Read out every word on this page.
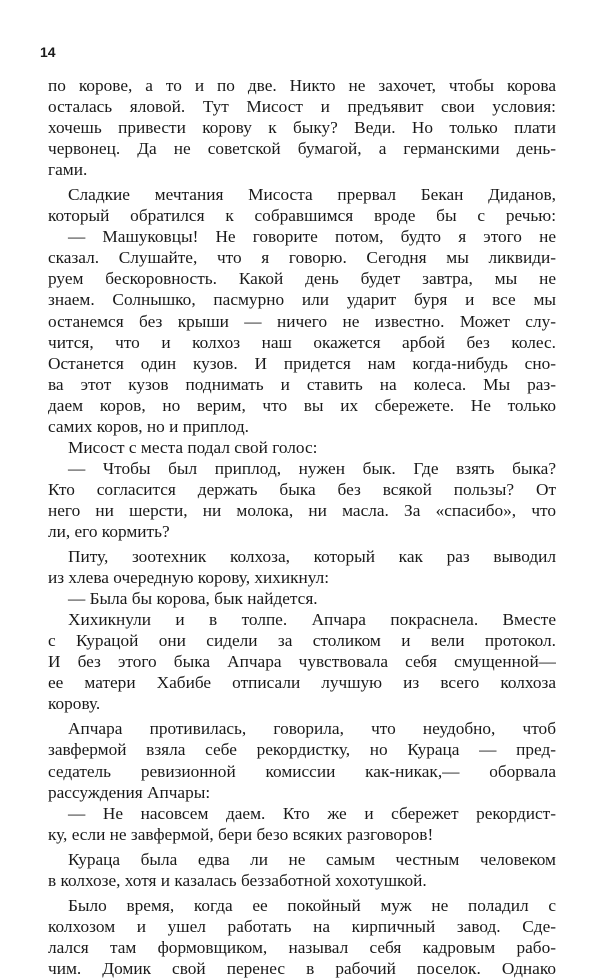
14
по корове, а то и по две. Никто не захочет, чтобы корова
осталась яловой. Тут Мисост и предъявит свои условия:
хочешь привести корову к быку? Веди. Но только плати
червонец. Да не советской бумагой, а германскими день-
гами.
Сладкие мечтания Мисоста прервал Бекан Диданов,
который обратился к собравшимся вроде бы с речью:
— Машуковцы! Не говорите потом, будто я этого не
сказал. Слушайте, что я говорю. Сегодня мы ликвиди-
руем бескоровность. Какой день будет завтра, мы не
знаем. Солнышко, пасмурно или ударит буря и все мы
останемся без крыши — ничего не известно. Может слу-
чится, что и колхоз наш окажется арбой без колес.
Останется один кузов. И придется нам когда-нибудь сно-
ва этот кузов поднимать и ставить на колеса. Мы раз-
даем коров, но верим, что вы их сбережете. Не только
самих коров, но и приплод.
Мисост с места подал свой голос:
— Чтобы был приплод, нужен бык. Где взять быка?
Кто согласится держать быка без всякой пользы? От
него ни шерсти, ни молока, ни масла. За «спасибо», что
ли, его кормить?
Питу, зоотехник колхоза, который как раз выводил
из хлева очередную корову, хихикнул:
— Была бы корова, бык найдется.
Хихикнули и в толпе. Апчара покраснела. Вместе
с Курацой они сидели за столиком и вели протокол.
И без этого быка Апчара чувствовала себя смущенной—
ее матери Хабибе отписали лучшую из всего колхоза
корову.
Апчара противилась, говорила, что неудобно, чтоб
завфермой взяла себе рекордистку, но Кураца — пред-
седатель ревизионной комиссии как-никак,— оборвала
рассуждения Апчары:
— Не насовсем даем. Кто же и сбережет рекордист-
ку, если не завфермой, бери безо всяких разговоров!
Кураца была едва ли не самым честным человеком
в колхозе, хотя и казалась беззаботной хохотушкой.
Было время, когда ее покойный муж не поладил с
колхозом и ушел работать на кирпичный завод. Сде-
лался там формовщиком, называл себя кадровым рабо-
чим. Домик свой перенес в рабочий поселок. Однако
